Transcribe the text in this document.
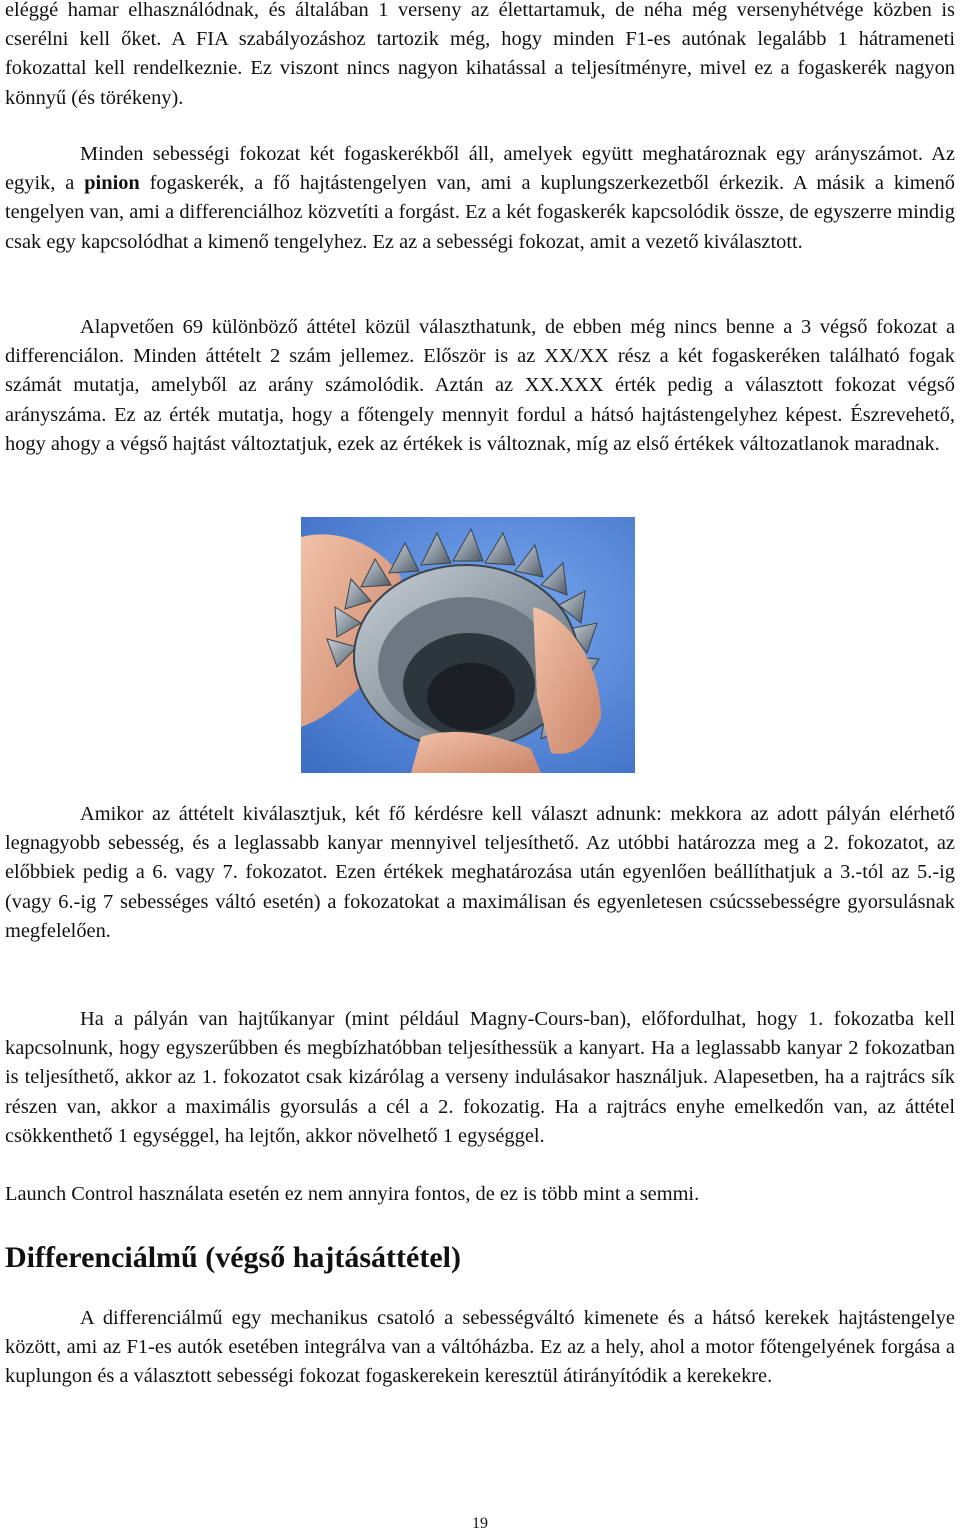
eléggé hamar elhasználódnak, és általában 1 verseny az élettartamuk, de néha még versenyhétvége közben is cserélni kell őket. A FIA szabályozáshoz tartozik még, hogy minden F1-es autónak legalább 1 hátrameneti fokozattal kell rendelkeznie. Ez viszont nincs nagyon kihatással a teljesítményre, mivel ez a fogaskerék nagyon könnyű (és törékeny).

Minden sebességi fokozat két fogaskerékből áll, amelyek együtt meghatároznak egy arányszámot. Az egyik, a pinion fogaskerék, a fő hajtástengelyen van, ami a kuplungszerkezetből érkezik. A másik a kimenő tengelyen van, ami a differenciálhoz közvetíti a forgást. Ez a két fogaskerék kapcsolódik össze, de egyszerre mindig csak egy kapcsolódhat a kimenő tengelyhez. Ez az a sebességi fokozat, amit a vezető kiválasztott.

Alapvetően 69 különböző áttétel közül választhatunk, de ebben még nincs benne a 3 végső fokozat a differenciálon. Minden áttételt 2 szám jellemez. Először is az XX/XX rész a két fogaskeréken található fogak számát mutatja, amelyből az arány számolódik. Aztán az XX.XXX érték pedig a választott fokozat végső arányszáma. Ez az érték mutatja, hogy a főtengely mennyit fordul a hátsó hajtástengelyhez képest. Észrevehető, hogy ahogy a végső hajtást változtatjuk, ezek az értékek is változnak, míg az első értékek változatlanok maradnak.

Amikor az áttételt kiválasztjuk, két fő kérdésre kell választ adnunk: mekkora az adott pályán elérhető legnagyobb sebesség, és a leglassabb kanyar mennyivel teljesíthető. Az utóbbi határozza meg a 2. fokozatot, az előbbiek pedig a 6. vagy 7. fokozatot. Ezen értékek meghatározása után egyenlően beállíthatjuk a 3.-tól az 5.-ig (vagy 6.-ig 7 sebességes váltó esetén) a fokozatokat a maximálisan és egyenletesen csúcssebességre gyorsulásnak megfelelően.

Ha a pályán van hajtűkanyar (mint például Magny-Cours-ban), előfordulhat, hogy 1. fokozatba kell kapcsolnunk, hogy egyszerűbben és megbízhatóbban teljesíthessük a kanyart. Ha a leglassabb kanyar 2 fokozatban is teljesíthető, akkor az 1. fokozatot csak kizárólag a verseny indulásakor használjuk. Alapesetben, ha a rajtrács sík részen van, akkor a maximális gyorsulás a cél a 2. fokozatig. Ha a rajtrács enyhe emelkedőn van, az áttétel csökkenthető 1 egységgel, ha lejtőn, akkor növelhető 1 egységgel.

Launch Control használata esetén ez nem annyira fontos, de ez is több mint a semmi.

Differenciálmű (végső hajtásáttétel)

A differenciálmű egy mechanikus csatoló a sebességváltó kimenete és a hátsó kerekek hajtástengelye között, ami az F1-es autók esetében integrálva van a váltóházba. Ez az a hely, ahol a motor főtengelyének forgása a kuplungon és a választott sebességi fokozat fogaskerekein keresztül átirányítódik a kerekekre.

19
